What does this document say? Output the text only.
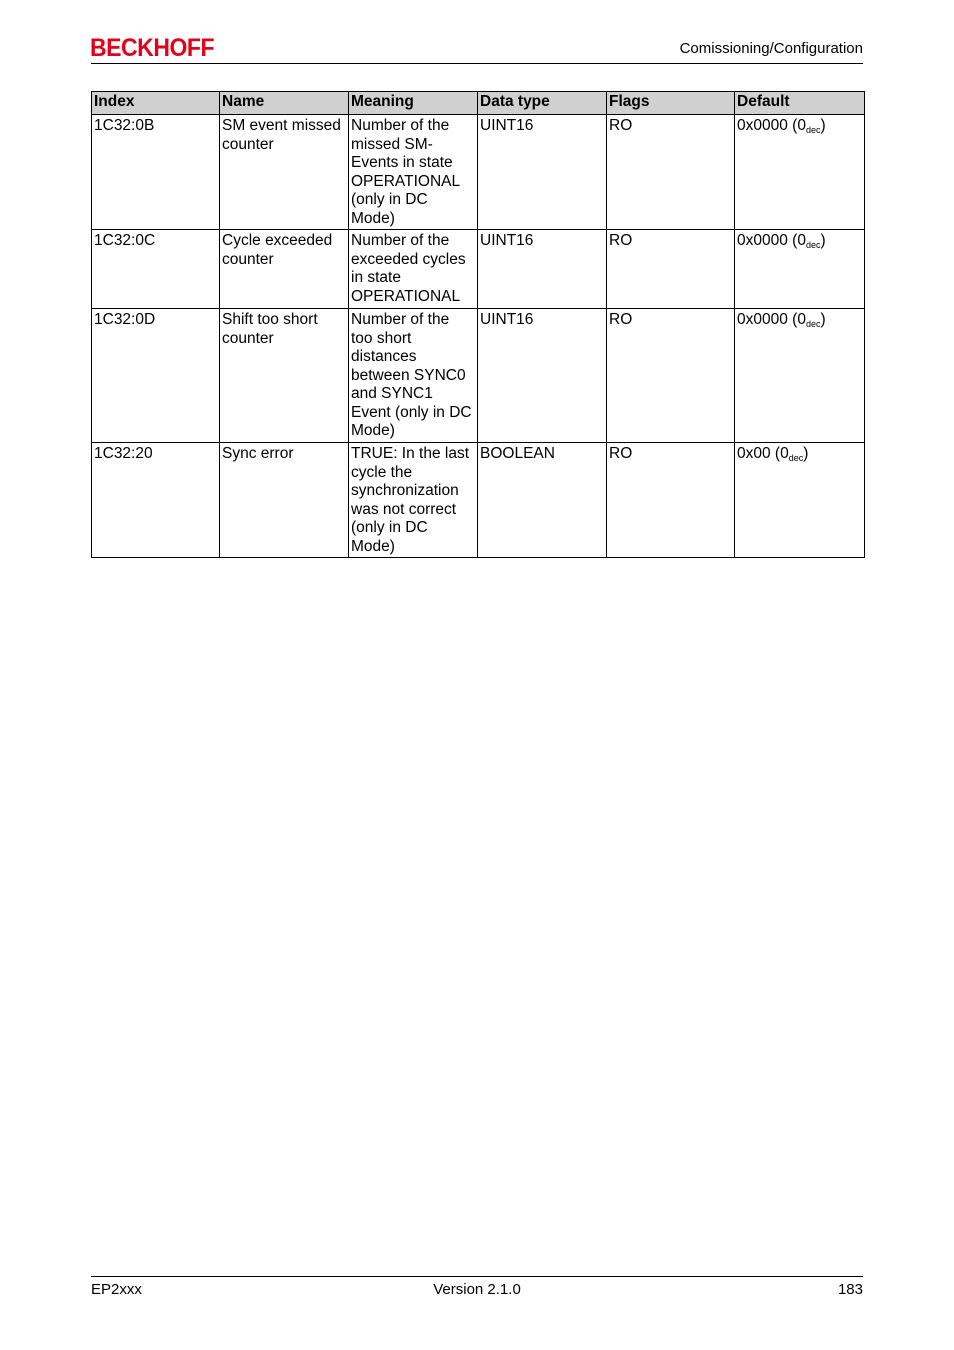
BECKHOFF	Comissioning/Configuration
Index	Name	Meaning	Data type	Flags	Default
1C32:0B	SM event missed counter	Number of the missed SM-Events in state OPERATIONAL (only in DC Mode)	UINT16	RO	0x0000 $(0_{dec})$
1C32:0C	Cycle exceeded counter	Number of the exceeded cycles in state OPERATIONAL	UINT16	RO	0x0000 $(0_{dec})$
1C32:0D	Shift too short counter	Number of the too short distances between SYNC0 and SYNC1 Event (only in DC Mode)	UINT16	RO	0x0000 $(0_{dec})$
1C32:20	Sync error	TRUE: In the last cycle the synchronization was not correct (only in DC Mode)	BOOLEAN	RO	0x00 $(0_{dec})$
EP2xxx	Version 2.1.0	183
